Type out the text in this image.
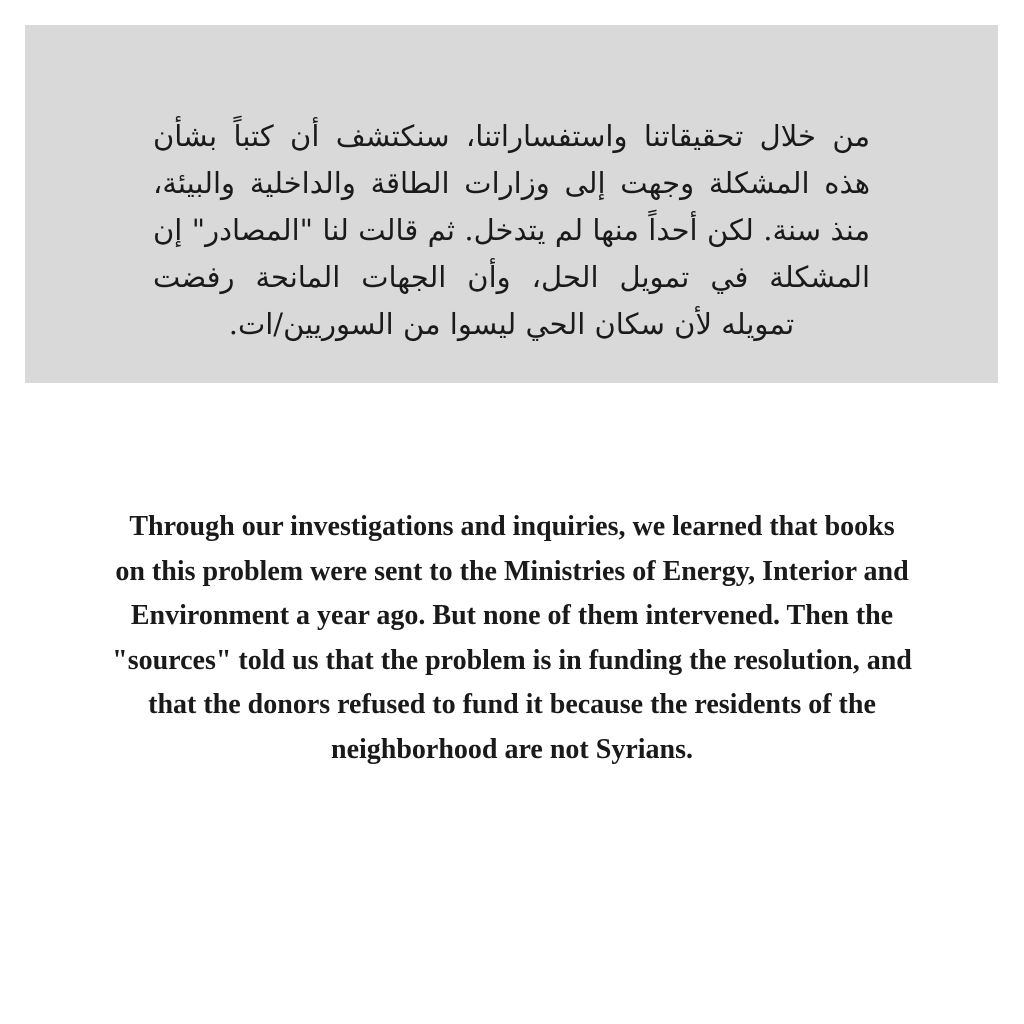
من خلال تحقيقاتنا واستفساراتنا، سنكتشف أن كتباً بشأن هذه المشكلة وجهت إلى وزارات الطاقة والداخلية والبيئة، منذ سنة. لكن أحداً منها لم يتدخل. ثم قالت لنا "المصادر" إن المشكلة في تمويل الحل، وأن الجهات المانحة رفضت تمويله لأن سكان الحي ليسوا من السوريين/ات.

Through our investigations and inquiries, we learned that books on this problem were sent to the Ministries of Energy, Interior and Environment a year ago. But none of them intervened. Then the "sources" told us that the problem is in funding the resolution, and that the donors refused to fund it because the residents of the neighborhood are not Syrians.
